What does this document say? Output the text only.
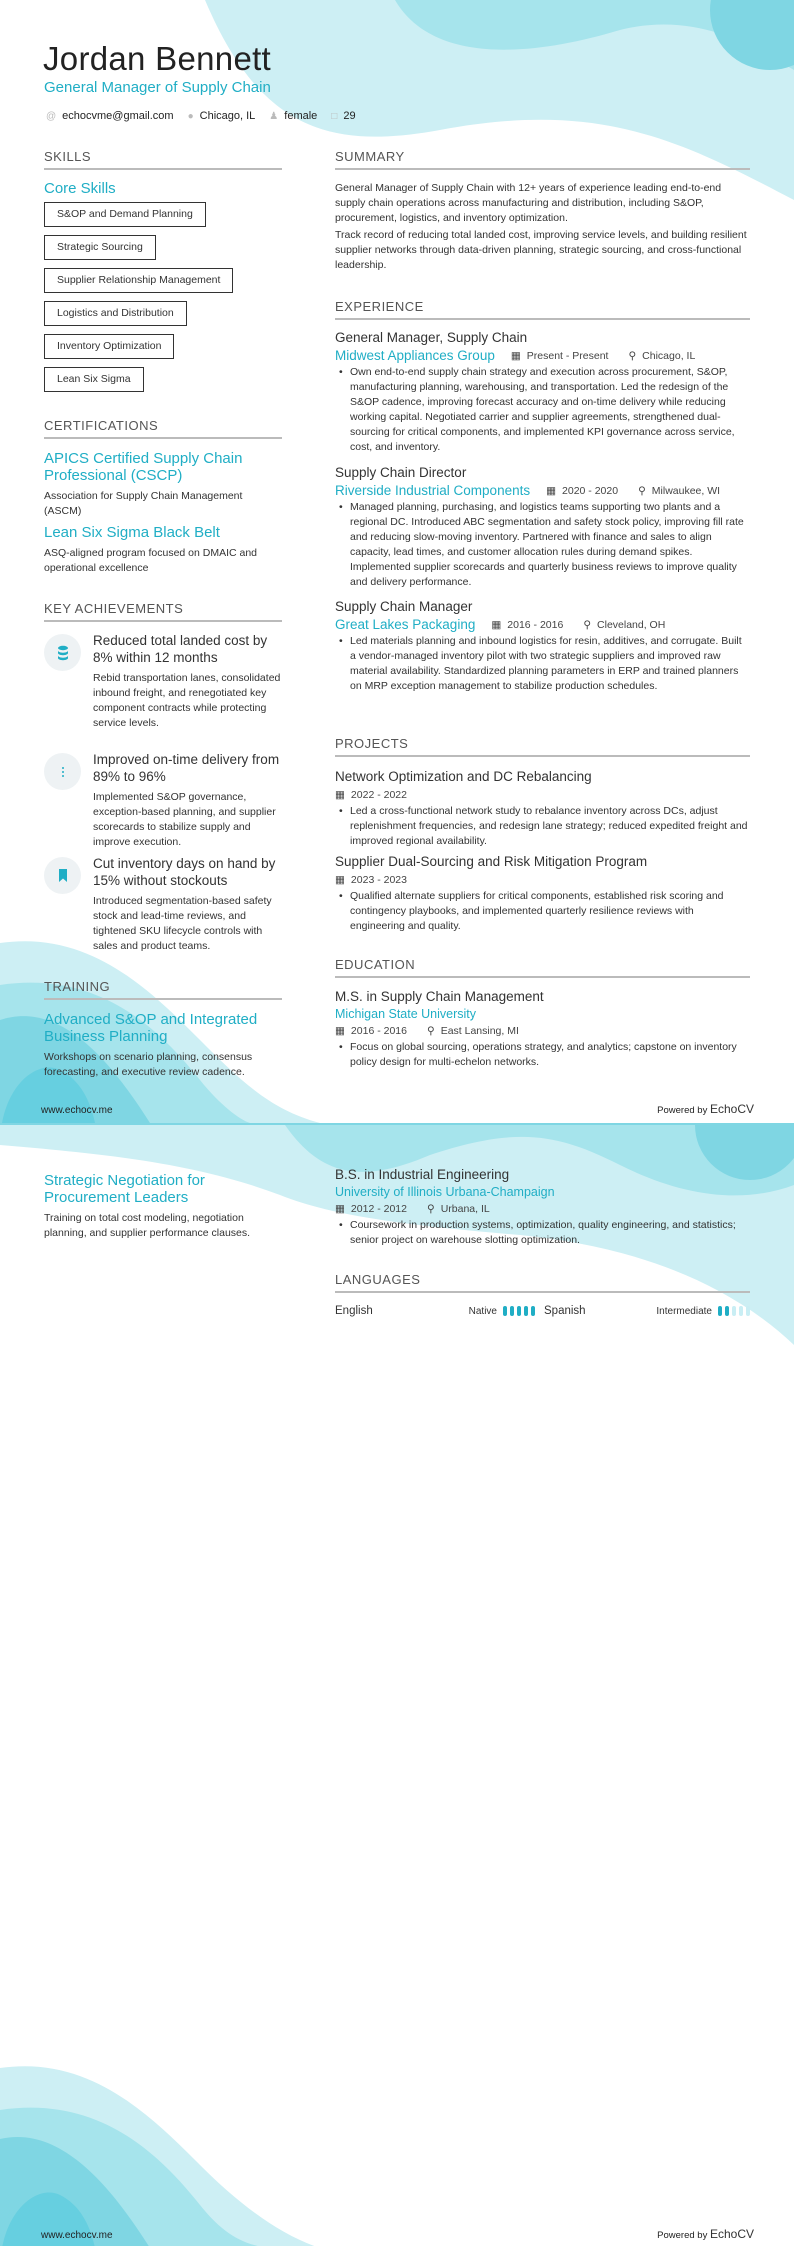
Jordan Bennett
General Manager of Supply Chain
@ echocvme@gmail.com ● Chicago, IL ♟ female □ 29
SKILLS
Core Skills
S&OP and Demand Planning
Strategic Sourcing
Supplier Relationship Management
Logistics and Distribution
Inventory Optimization
Lean Six Sigma
CERTIFICATIONS
APICS Certified Supply Chain Professional (CSCP)
Association for Supply Chain Management (ASCM)
Lean Six Sigma Black Belt
ASQ-aligned program focused on DMAIC and operational excellence
KEY ACHIEVEMENTS
Reduced total landed cost by 8% within 12 months
Rebid transportation lanes, consolidated inbound freight, and renegotiated key component contracts while protecting service levels.
Improved on-time delivery from 89% to 96%
Implemented S&OP governance, exception-based planning, and supplier scorecards to stabilize supply and improve execution.
Cut inventory days on hand by 15% without stockouts
Introduced segmentation-based safety stock and lead-time reviews, and tightened SKU lifecycle controls with sales and product teams.
TRAINING
Advanced S&OP and Integrated Business Planning
Workshops on scenario planning, consensus forecasting, and executive review cadence.
SUMMARY

General Manager of Supply Chain with 12+ years of experience leading end-to-end supply chain operations across manufacturing and distribution, including S&OP, procurement, logistics, and inventory optimization.

Track record of reducing total landed cost, improving service levels, and building resilient supplier networks through data-driven planning, strategic sourcing, and cross-functional leadership.

EXPERIENCE
General Manager, Supply Chain
Midwest Appliances Group ▦ Present - Present ⚲ Chicago, IL
• Own end-to-end supply chain strategy and execution across procurement, S&OP, manufacturing planning, warehousing, and transportation. Led the redesign of the S&OP cadence, improving forecast accuracy and on-time delivery while reducing working capital. Negotiated carrier and supplier agreements, strengthened dual-sourcing for critical components, and implemented KPI governance across service, cost, and inventory.
Supply Chain Director
Riverside Industrial Components ▦ 2020 - 2020 ⚲ Milwaukee, WI
• Managed planning, purchasing, and logistics teams supporting two plants and a regional DC. Introduced ABC segmentation and safety stock policy, improving fill rate and reducing slow-moving inventory. Partnered with finance and sales to align capacity, lead times, and customer allocation rules during demand spikes. Implemented supplier scorecards and quarterly business reviews to improve quality and delivery performance.
Supply Chain Manager
Great Lakes Packaging ▦ 2016 - 2016 ⚲ Cleveland, OH
• Led materials planning and inbound logistics for resin, additives, and corrugate. Built a vendor-managed inventory pilot with two strategic suppliers and improved raw material availability. Standardized planning parameters in ERP and trained planners on MRP exception management to stabilize production schedules.
PROJECTS
Network Optimization and DC Rebalancing
▦ 2022 - 2022
• Led a cross-functional network study to rebalance inventory across DCs, adjust replenishment frequencies, and redesign lane strategy; reduced expedited freight and improved regional availability.
Supplier Dual-Sourcing and Risk Mitigation Program
▦ 2023 - 2023
• Qualified alternate suppliers for critical components, established risk scoring and contingency playbooks, and implemented quarterly resilience reviews with engineering and quality.
EDUCATION
M.S. in Supply Chain Management
Michigan State University
▦ 2016 - 2016 ⚲ East Lansing, MI
• Focus on global sourcing, operations strategy, and analytics; capstone on inventory policy design for multi-echelon networks.
www.echocv.me	Powered by EchoCV
Strategic Negotiation for Procurement Leaders
Training on total cost modeling, negotiation planning, and supplier performance clauses.
B.S. in Industrial Engineering
University of Illinois Urbana-Champaign
▦ 2012 - 2012 ⚲ Urbana, IL
• Coursework in production systems, optimization, quality engineering, and statistics; senior project on warehouse slotting optimization.
LANGUAGES
English	Native	Spanish	Intermediate
www.echocv.me	Powered by EchoCV
